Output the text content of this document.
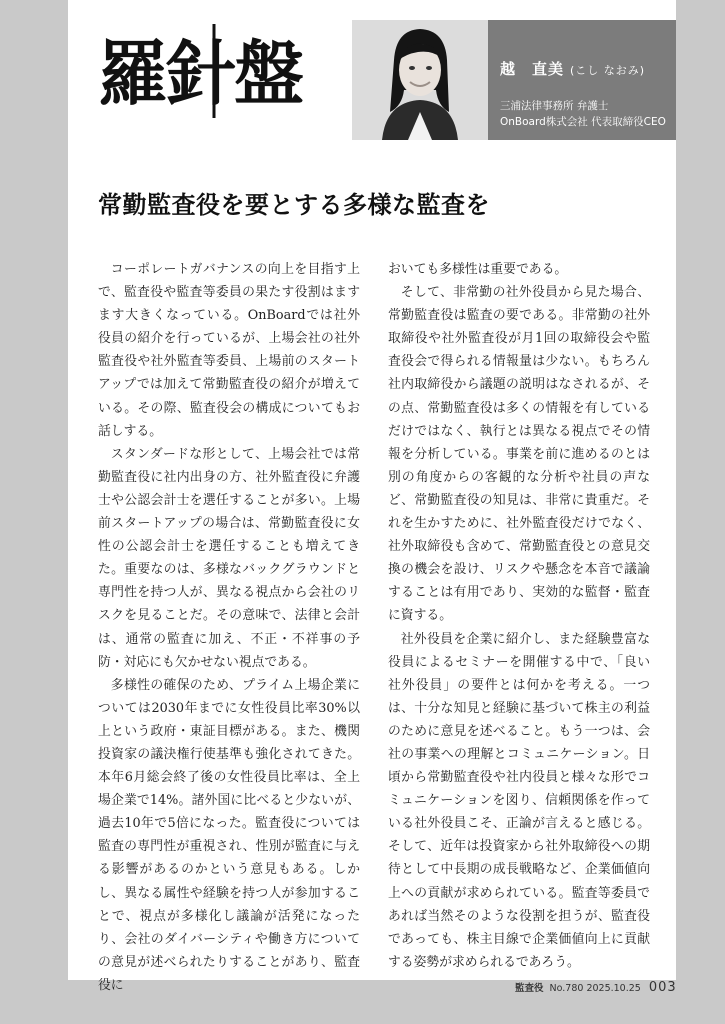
羅針盤	越　直美 (こし なおみ)
三浦法律事務所 弁護士
OnBoard株式会社 代表取締役CEO
常勤監査役を要とする多様な監査を

コーポレートガバナンスの向上を目指す上で、監査役や監査等委員の果たす役割はますます大きくなっている。OnBoardでは社外役員の紹介を行っているが、上場会社の社外監査役や社外監査等委員、上場前のスタートアップでは加えて常勤監査役の紹介が増えている。その際、監査役会の構成についてもお話しする。

スタンダードな形として、上場会社では常勤監査役に社内出身の方、社外監査役に弁護士や公認会計士を選任することが多い。上場前スタートアップの場合は、常勤監査役に女性の公認会計士を選任することも増えてきた。重要なのは、多様なバックグラウンドと専門性を持つ人が、異なる視点から会社のリスクを見ることだ。その意味で、法律と会計は、通常の監査に加え、不正・不祥事の予防・対応にも欠かせない視点である。

多様性の確保のため、プライム上場企業については2030年までに女性役員比率30%以上という政府・東証目標がある。また、機関投資家の議決権行使基準も強化されてきた。本年6月総会終了後の女性役員比率は、全上場企業で14%。諸外国に比べると少ないが、過去10年で5倍になった。監査役については監査の専門性が重視され、性別が監査に与える影響があるのかという意見もある。しかし、異なる属性や経験を持つ人が参加することで、視点が多様化し議論が活発になったり、会社のダイバーシティや働き方についての意見が述べられたりすることがあり、監査役に

おいても多様性は重要である。

そして、非常勤の社外役員から見た場合、常勤監査役は監査の要である。非常勤の社外取締役や社外監査役が月1回の取締役会や監査役会で得られる情報量は少ない。もちろん社内取締役から議題の説明はなされるが、その点、常勤監査役は多くの情報を有しているだけではなく、執行とは異なる視点でその情報を分析している。事業を前に進めるのとは別の角度からの客観的な分析や社員の声など、常勤監査役の知見は、非常に貴重だ。それを生かすために、社外監査役だけでなく、社外取締役も含めて、常勤監査役との意見交換の機会を設け、リスクや懸念を本音で議論することは有用であり、実効的な監督・監査に資する。

社外役員を企業に紹介し、また経験豊富な役員によるセミナーを開催する中で、「良い社外役員」の要件とは何かを考える。一つは、十分な知見と経験に基づいて株主の利益のために意見を述べること。もう一つは、会社の事業への理解とコミュニケーション。日頃から常勤監査役や社内役員と様々な形でコミュニケーションを図り、信頼関係を作っている社外役員こそ、正論が言えると感じる。そして、近年は投資家から社外取締役への期待として中長期の成長戦略など、企業価値向上への貢献が求められている。監査等委員であれば当然そのような役割を担うが、監査役であっても、株主目線で企業価値向上に貢献する姿勢が求められるであろう。

監査役 No.780 2025.10.25 003
